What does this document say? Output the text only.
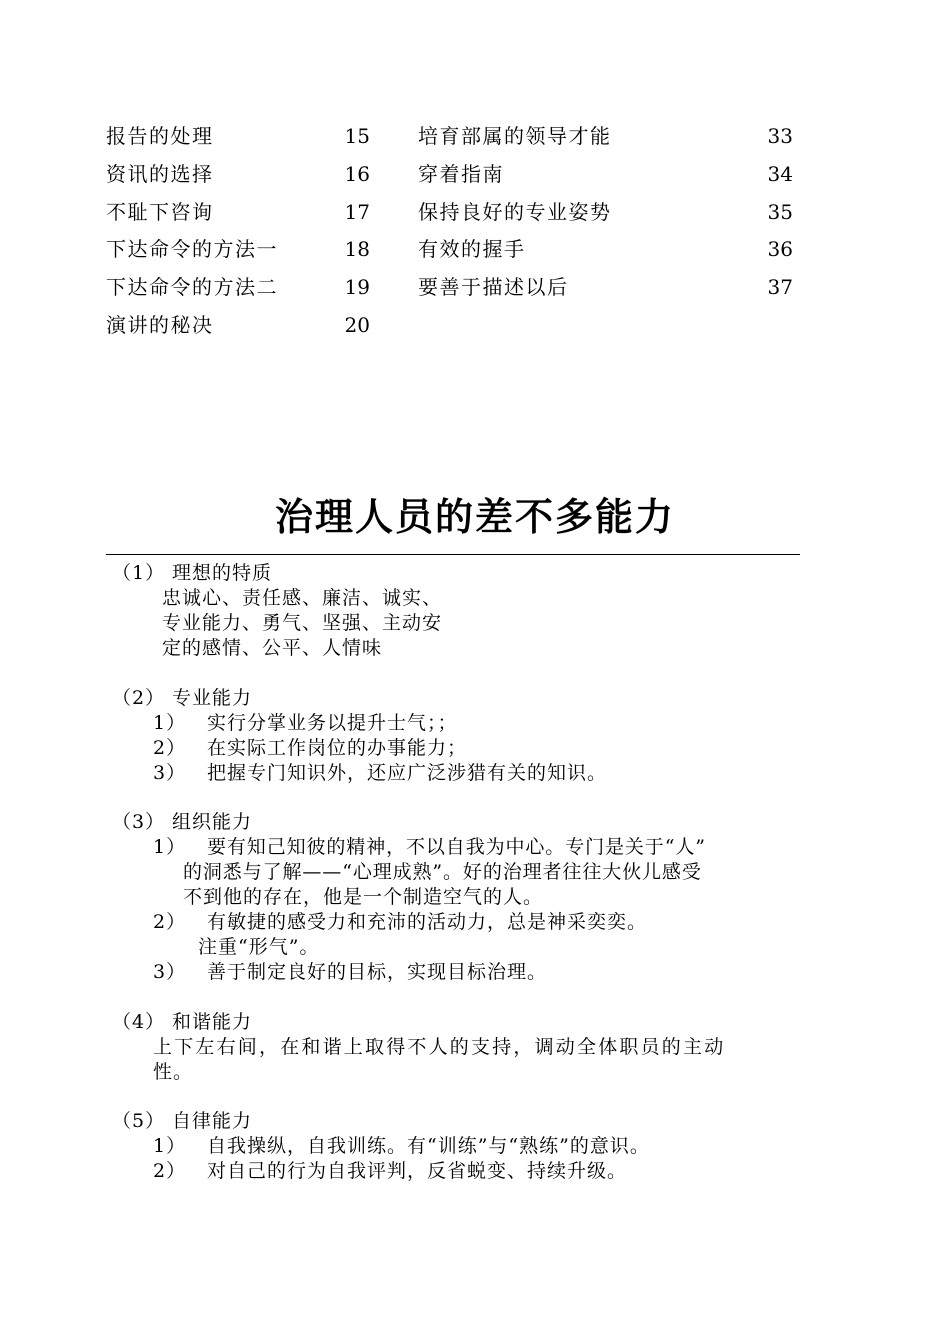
报告的处理	15
资讯的选择	16
不耻下咨询	17
下达命令的方法一	18
下达命令的方法二	19
演讲的秘决	20
培育部属的领导才能	33
穿着指南	34
保持良好的专业姿势	35
有效的握手	36
要善于描述以后	37
治理人员的差不多能力
（1） 理想的特质
忠诚心、责任感、廉洁、诚实、
专业能力、勇气、坚强、主动安
定的感情、公平、人情味
（2） 专业能力
1） 实行分掌业务以提升士气；；
2） 在实际工作岗位的办事能力；
3） 把握专门知识外，还应广泛涉猎有关的知识。
（3） 组织能力
1） 要有知己知彼的精神，不以自我为中心。专门是关于“人”
的洞悉与了解——“心理成熟”。好的治理者往往大伙儿感受
不到他的存在，他是一个制造空气的人。
2） 有敏捷的感受力和充沛的活动力，总是神采奕奕。
注重“形气”。
3） 善于制定良好的目标，实现目标治理。
（4） 和谐能力
上下左右间，在和谐上取得不人的支持，调动全体职员的主动
性。
（5） 自律能力
1） 自我操纵，自我训练。有“训练”与“熟练”的意识。
2） 对自己的行为自我评判，反省蜕变、持续升级。
